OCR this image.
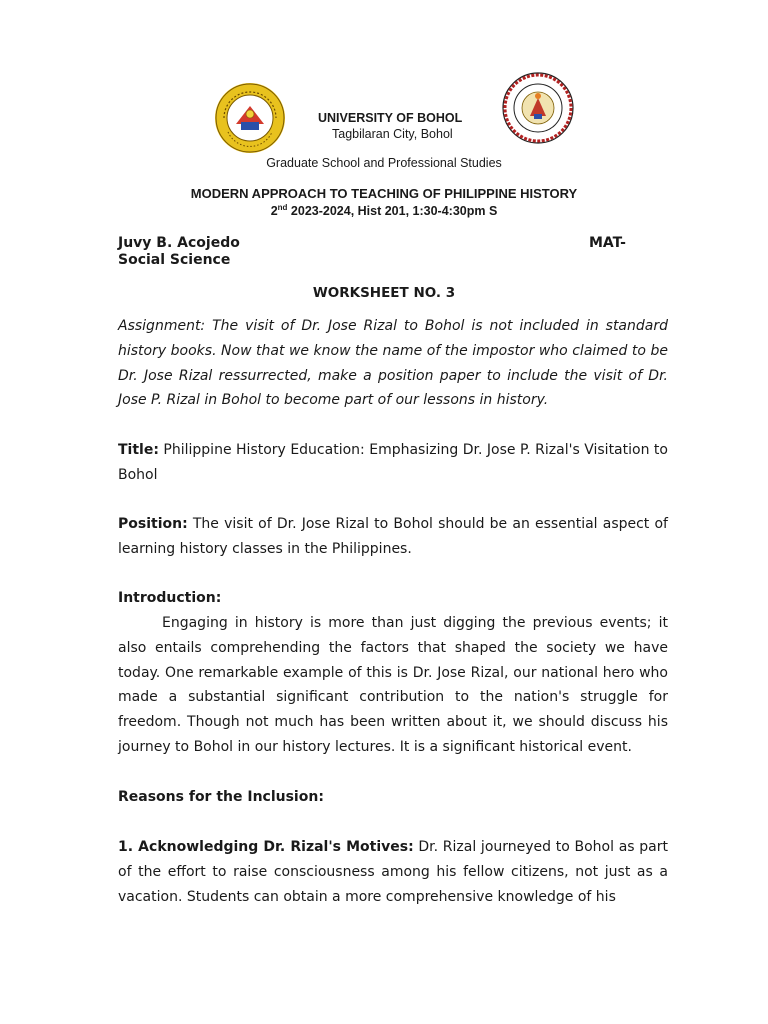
UNIVERSITY OF BOHOL
Tagbilaran City, Bohol
Graduate School and Professional Studies
MODERN APPROACH TO TEACHING OF PHILIPPINE HISTORY
2nd 2023-2024, Hist 201, 1:30-4:30pm S
Juvy B. Acojedo	MAT-
Social Science
WORKSHEET NO. 3
Assignment: The visit of Dr. Jose Rizal to Bohol is not included in standard history books. Now that we know the name of the impostor who claimed to be Dr. Jose Rizal ressurrected, make a position paper to include the visit of Dr. Jose P. Rizal in Bohol to become part of our lessons in history.
Title: Philippine History Education: Emphasizing Dr. Jose P. Rizal's Visitation to Bohol
Position: The visit of Dr. Jose Rizal to Bohol should be an essential aspect of learning history classes in the Philippines.
Introduction:
Engaging in history is more than just digging the previous events; it also entails comprehending the factors that shaped the society we have today. One remarkable example of this is Dr. Jose Rizal, our national hero who made a substantial significant contribution to the nation's struggle for freedom. Though not much has been written about it, we should discuss his journey to Bohol in our history lectures. It is a significant historical event.
Reasons for the Inclusion:
1. Acknowledging Dr. Rizal's Motives: Dr. Rizal journeyed to Bohol as part of the effort to raise consciousness among his fellow citizens, not just as a vacation. Students can obtain a more comprehensive knowledge of his
